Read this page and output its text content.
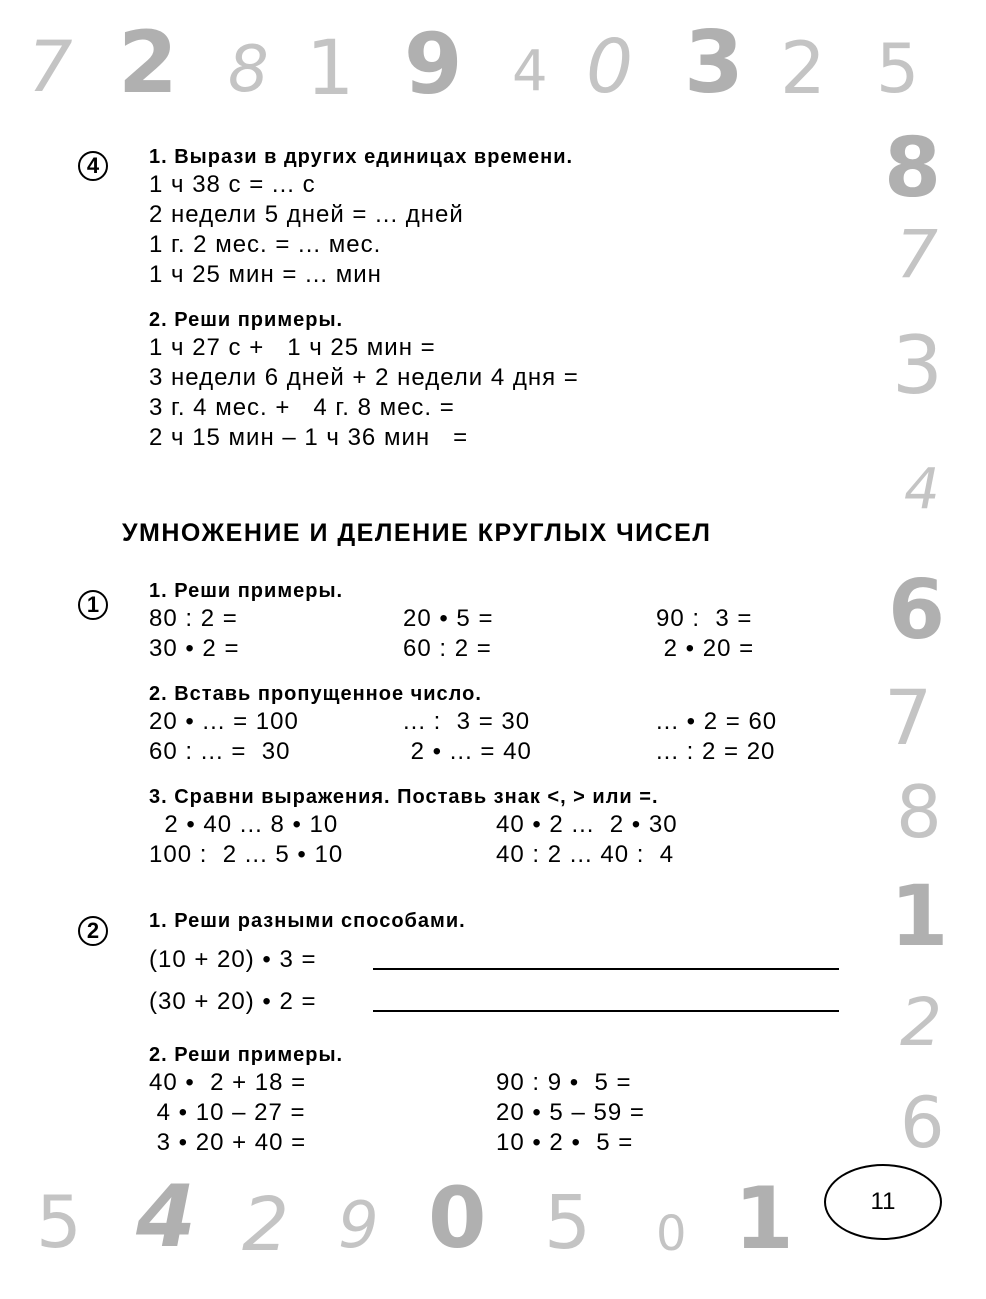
7 2 8 1 9 4 0 3 2 5
8
7
3
4
6
7
8
1
2
6
5 4 2 9 0 5 0 1
4	1. Вырази в других единицах времени.
1 ч 38 с = ... с
2 недели 5 дней = ... дней
1 г. 2 мес. = ... мес.
1 ч 25 мин = ... мин
2. Реши примеры.
1 ч 27 с +   1 ч 25 мин =
3 недели 6 дней + 2 недели 4 дня =
3 г. 4 мес. +   4 г. 8 мес. =
2 ч 15 мин – 1 ч 36 мин   =
УМНОЖЕНИЕ И ДЕЛЕНИЕ КРУГЛЫХ ЧИСЕЛ
1
1. Реши примеры.
80 : 2 =
30 • 2 =
20 • 5 =
60 : 2 =
90 :  3 =
2 • 20 =
2. Вставь пропущенное число.
20 • ... = 100
60 : ... =  30
... :  3 = 30
2 • ... = 40
... • 2 = 60
... : 2 = 20
3. Сравни выражения. Поставь знак <, > или =.
2 • 40 ... 8 • 10
100 :  2 ... 5 • 10
40 • 2 ...  2 • 30
40 : 2 ... 40 :  4
2	1. Реши разными способами.
(10 + 20) • 3 =
(30 + 20) • 2 =
2. Реши примеры.
40 •  2 + 18 =
4 • 10 – 27 =
3 • 20 + 40 =
90 : 9 •  5 =
20 • 5 – 59 =
10 • 2 •  5 =
11
